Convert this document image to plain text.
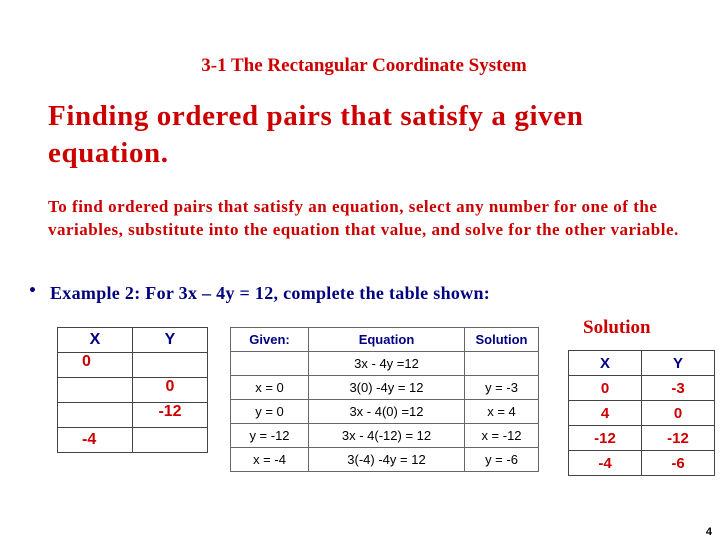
3-1 The Rectangular Coordinate System
Finding ordered pairs that satisfy a given equation.
To find ordered pairs that satisfy an equation, select any number for one of the variables, substitute into the equation that value, and solve for the other variable.
• Example 2: For 3x – 4y = 12, complete the table shown:
Solution
X	Y
0	
	0
	-12
-4	
Given:	Equation	Solution
	3x - 4y =12	
x = 0	3(0) -4y = 12	y = -3
y = 0	3x - 4(0) =12	x = 4
y = -12	3x - 4(-12) = 12	x = -12
x = -4	3(-4) -4y = 12	y = -6
X	Y
0	-3
4	0
-12	-12
-4	-6
4
